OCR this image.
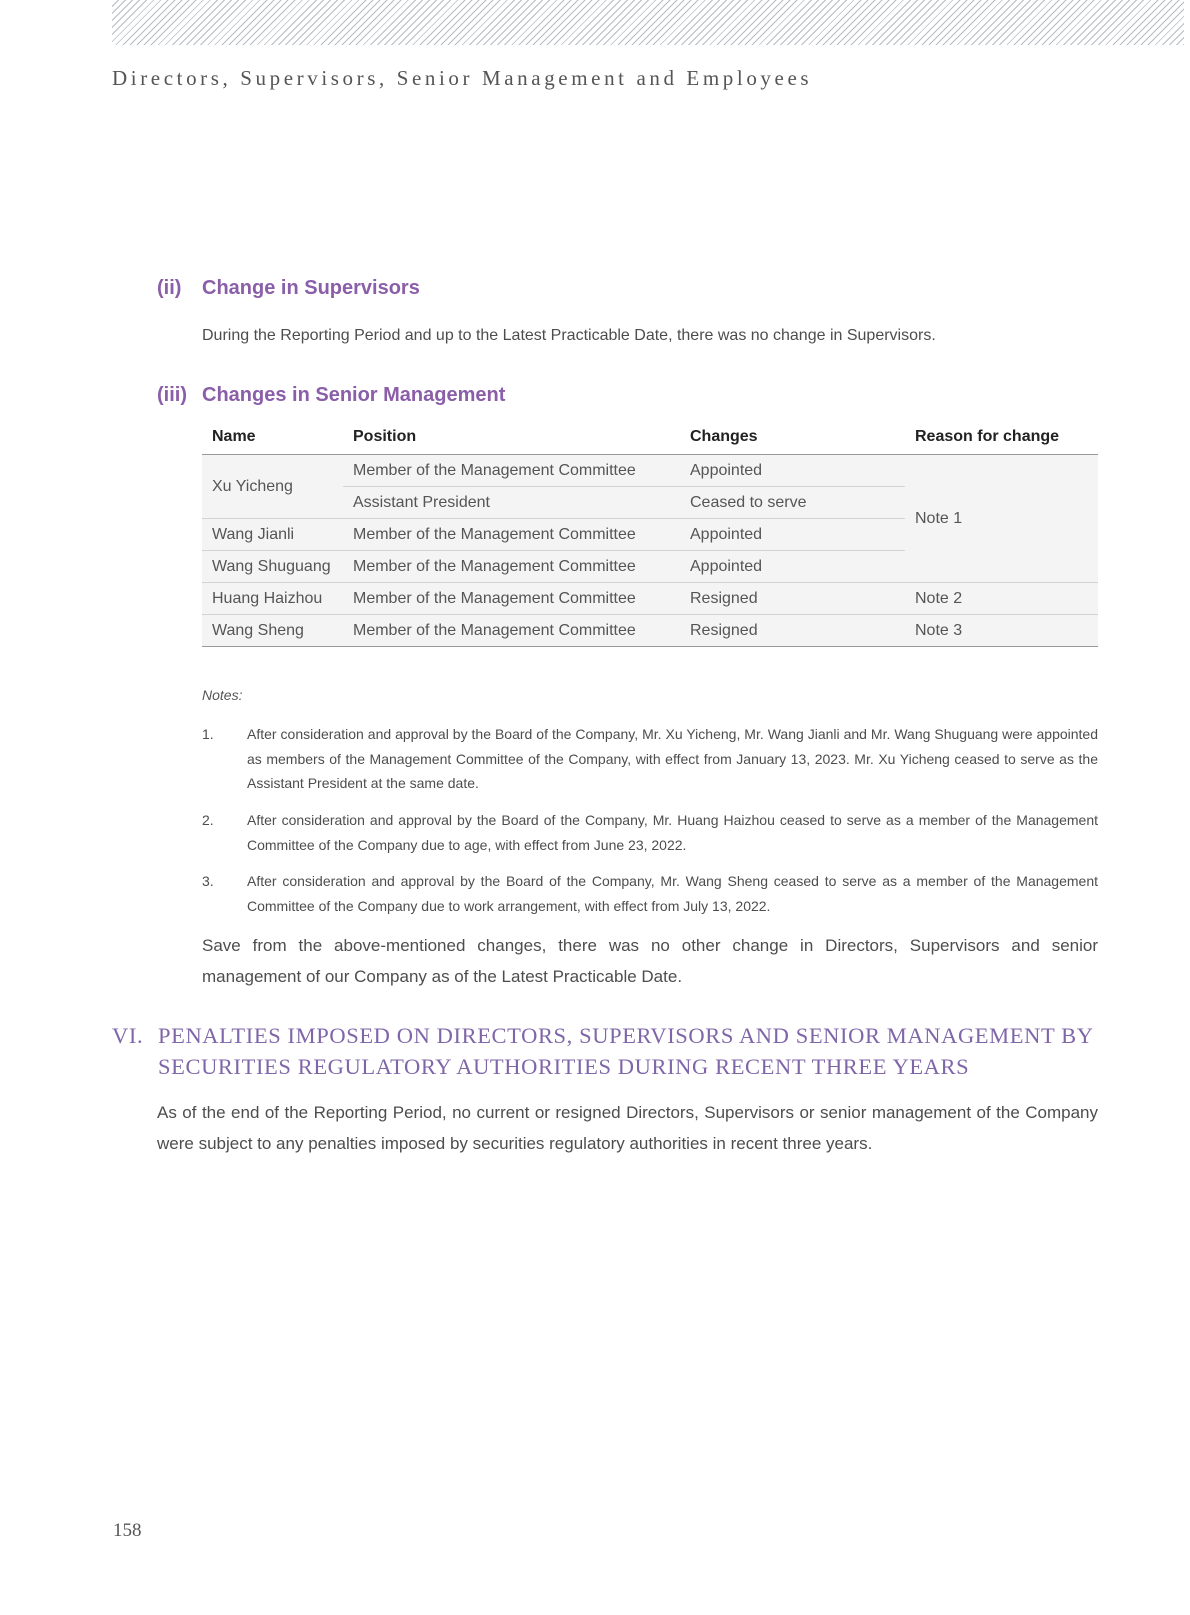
Directors, Supervisors, Senior Management and Employees
(ii) Change in Supervisors
During the Reporting Period and up to the Latest Practicable Date, there was no change in Supervisors.
(iii) Changes in Senior Management
Name	Position	Changes	Reason for change
Xu Yicheng	Member of the Management Committee	Appointed	Note 1
	Assistant President	Ceased to serve	
Wang Jianli	Member of the Management Committee	Appointed	
Wang Shuguang	Member of the Management Committee	Appointed	
Huang Haizhou	Member of the Management Committee	Resigned	Note 2
Wang Sheng	Member of the Management Committee	Resigned	Note 3
Notes:
1. After consideration and approval by the Board of the Company, Mr. Xu Yicheng, Mr. Wang Jianli and Mr. Wang Shuguang were appointed as members of the Management Committee of the Company, with effect from January 13, 2023. Mr. Xu Yicheng ceased to serve as the Assistant President at the same date.
2. After consideration and approval by the Board of the Company, Mr. Huang Haizhou ceased to serve as a member of the Management Committee of the Company due to age, with effect from June 23, 2022.
3. After consideration and approval by the Board of the Company, Mr. Wang Sheng ceased to serve as a member of the Management Committee of the Company due to work arrangement, with effect from July 13, 2022.
Save from the above-mentioned changes, there was no other change in Directors, Supervisors and senior management of our Company as of the Latest Practicable Date.
VI. PENALTIES IMPOSED ON DIRECTORS, SUPERVISORS AND SENIOR MANAGEMENT BY SECURITIES REGULATORY AUTHORITIES DURING RECENT THREE YEARS
As of the end of the Reporting Period, no current or resigned Directors, Supervisors or senior management of the Company were subject to any penalties imposed by securities regulatory authorities in recent three years.
158
